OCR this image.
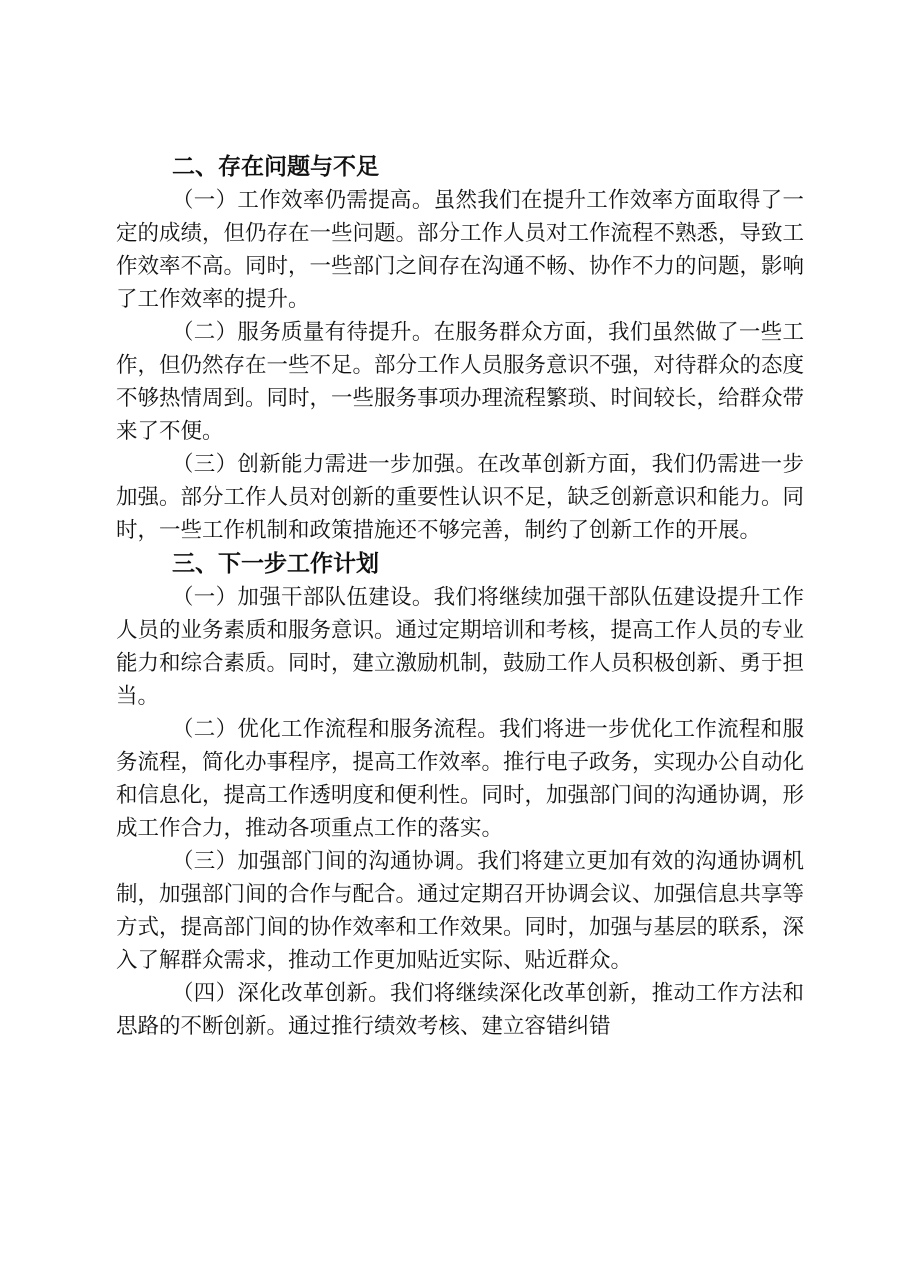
二、存在问题与不足

（一）工作效率仍需提高。虽然我们在提升工作效率方面取得了一定的成绩，但仍存在一些问题。部分工作人员对工作流程不熟悉，导致工作效率不高。同时，一些部门之间存在沟通不畅、协作不力的问题，影响了工作效率的提升。

（二）服务质量有待提升。在服务群众方面，我们虽然做了一些工作，但仍然存在一些不足。部分工作人员服务意识不强，对待群众的态度不够热情周到。同时，一些服务事项办理流程繁琐、时间较长，给群众带来了不便。

（三）创新能力需进一步加强。在改革创新方面，我们仍需进一步加强。部分工作人员对创新的重要性认识不足，缺乏创新意识和能力。同时，一些工作机制和政策措施还不够完善，制约了创新工作的开展。

三、下一步工作计划

（一）加强干部队伍建设。我们将继续加强干部队伍建设提升工作人员的业务素质和服务意识。通过定期培训和考核，提高工作人员的专业能力和综合素质。同时，建立激励机制，鼓励工作人员积极创新、勇于担当。

（二）优化工作流程和服务流程。我们将进一步优化工作流程和服务流程，简化办事程序，提高工作效率。推行电子政务，实现办公自动化和信息化，提高工作透明度和便利性。同时，加强部门间的沟通协调，形成工作合力，推动各项重点工作的落实。

（三）加强部门间的沟通协调。我们将建立更加有效的沟通协调机制，加强部门间的合作与配合。通过定期召开协调会议、加强信息共享等方式，提高部门间的协作效率和工作效果。同时，加强与基层的联系，深入了解群众需求，推动工作更加贴近实际、贴近群众。

（四）深化改革创新。我们将继续深化改革创新，推动工作方法和思路的不断创新。通过推行绩效考核、建立容错纠错
